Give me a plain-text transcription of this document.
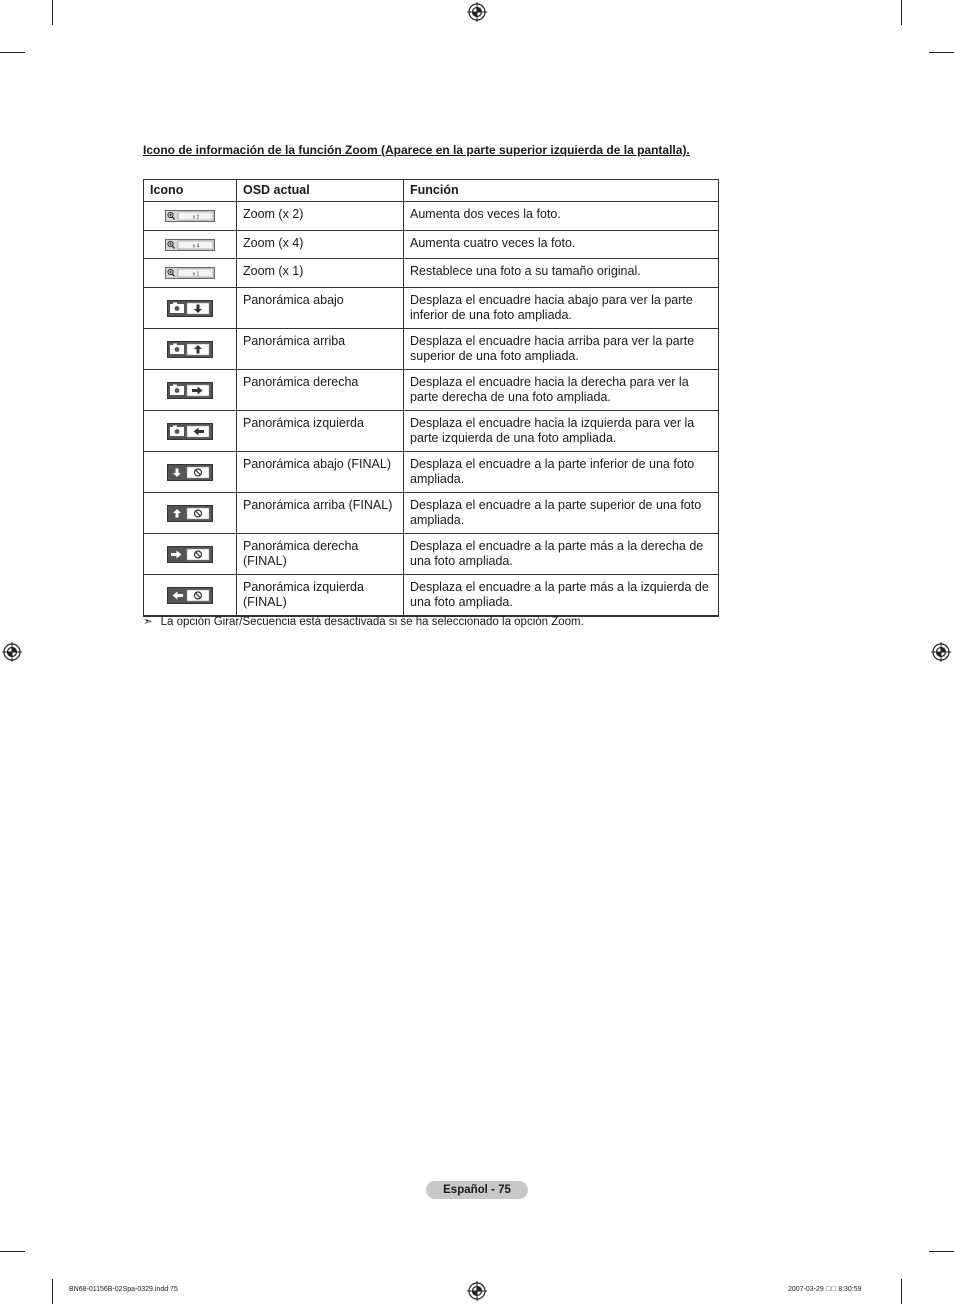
Icono de información de la función Zoom (Aparece en la parte superior izquierda de la pantalla).
Icono	OSD actual	Función

x 2	Zoom (x 2)	Aumenta dos veces la foto.

x 4	Zoom (x 4)	Aumenta cuatro veces la foto.

x 1	Zoom (x 1)	Restablece una foto a su tamaño original.
	Panorámica abajo	Desplaza el encuadre hacia abajo para ver la parte inferior de una foto ampliada.
	Panorámica arriba	Desplaza el encuadre hacia arriba para ver la parte superior de una foto ampliada.
	Panorámica derecha	Desplaza el encuadre hacia la derecha para ver la parte derecha de una foto ampliada.
	Panorámica izquierda	Desplaza el encuadre hacia la izquierda para ver la parte izquierda de una foto ampliada.
	Panorámica abajo (FINAL)	Desplaza el encuadre a la parte inferior de una foto ampliada.
	Panorámica arriba (FINAL)	Desplaza el encuadre a la parte superior de una foto ampliada.
	Panorámica derecha (FINAL)	Desplaza el encuadre a la parte más a la derecha de una foto ampliada.
	Panorámica izquierda (FINAL)	Desplaza el encuadre a la parte más a la izquierda de una foto ampliada.
➣ La opción Girar/Secuencia está desactivada si se ha seleccionado la opción Zoom.
Español - 75
BN68-01156B-02Spa-0329.indd 75	2007-03-29 ￿￿ 8:30:59
